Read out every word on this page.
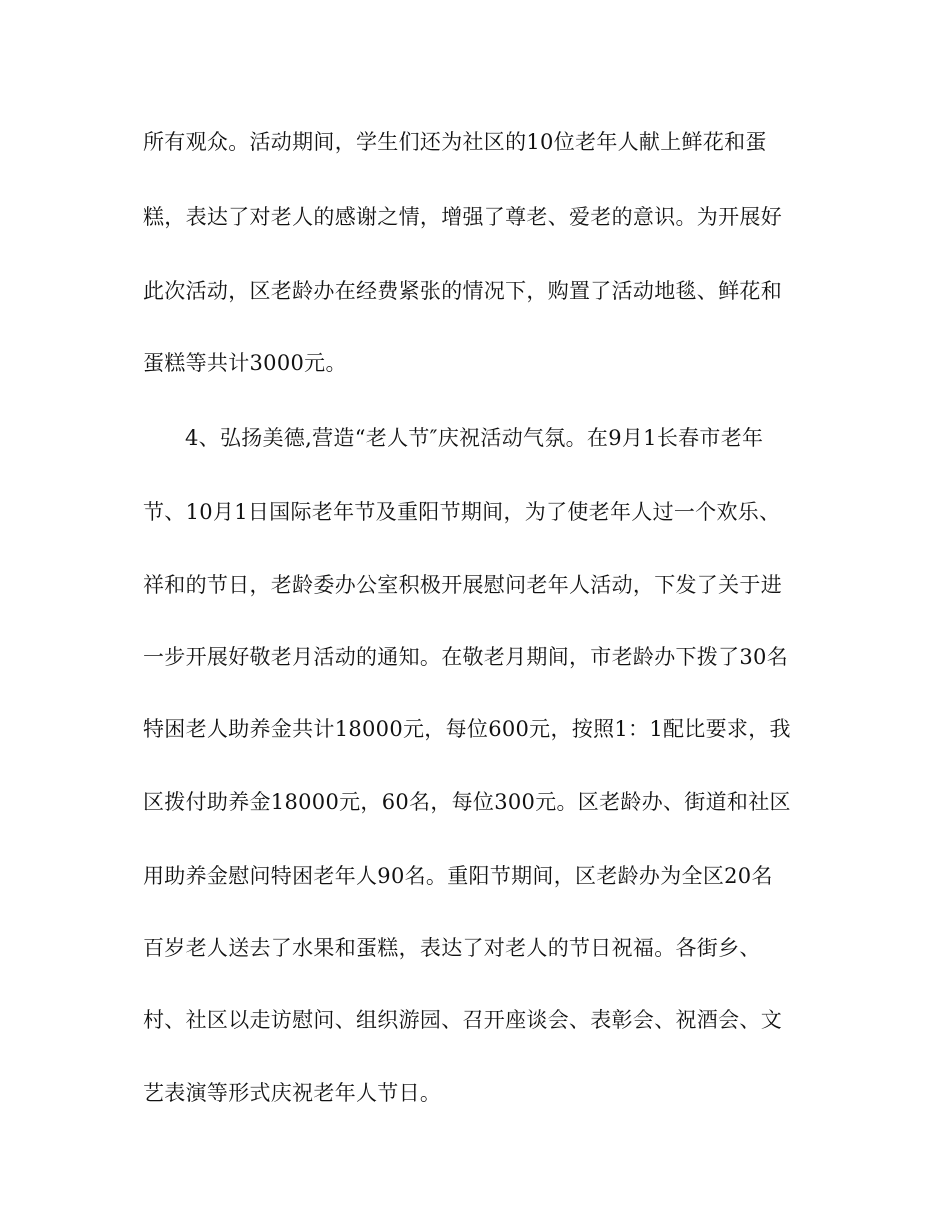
所有观众。活动期间，学生们还为社区的10位老年人献上鲜花和蛋
糕，表达了对老人的感谢之情，增强了尊老、爱老的意识。为开展好
此次活动，区老龄办在经费紧张的情况下，购置了活动地毯、鲜花和
蛋糕等共计3000元。
4、弘扬美德,营造“老人节″庆祝活动气氛。在9月1长春市老年
节、10月1日国际老年节及重阳节期间，为了使老年人过一个欢乐、
祥和的节日，老龄委办公室积极开展慰问老年人活动，下发了关于进
一步开展好敬老月活动的通知。在敬老月期间，市老龄办下拨了30名
特困老人助养金共计18000元，每位600元，按照1：1配比要求，我
区拨付助养金18000元，60名，每位300元。区老龄办、街道和社区
用助养金慰问特困老年人90名。重阳节期间，区老龄办为全区20名
百岁老人送去了水果和蛋糕，表达了对老人的节日祝福。各街乡、
村、社区以走访慰问、组织游园、召开座谈会、表彰会、祝酒会、文
艺表演等形式庆祝老年人节日。
